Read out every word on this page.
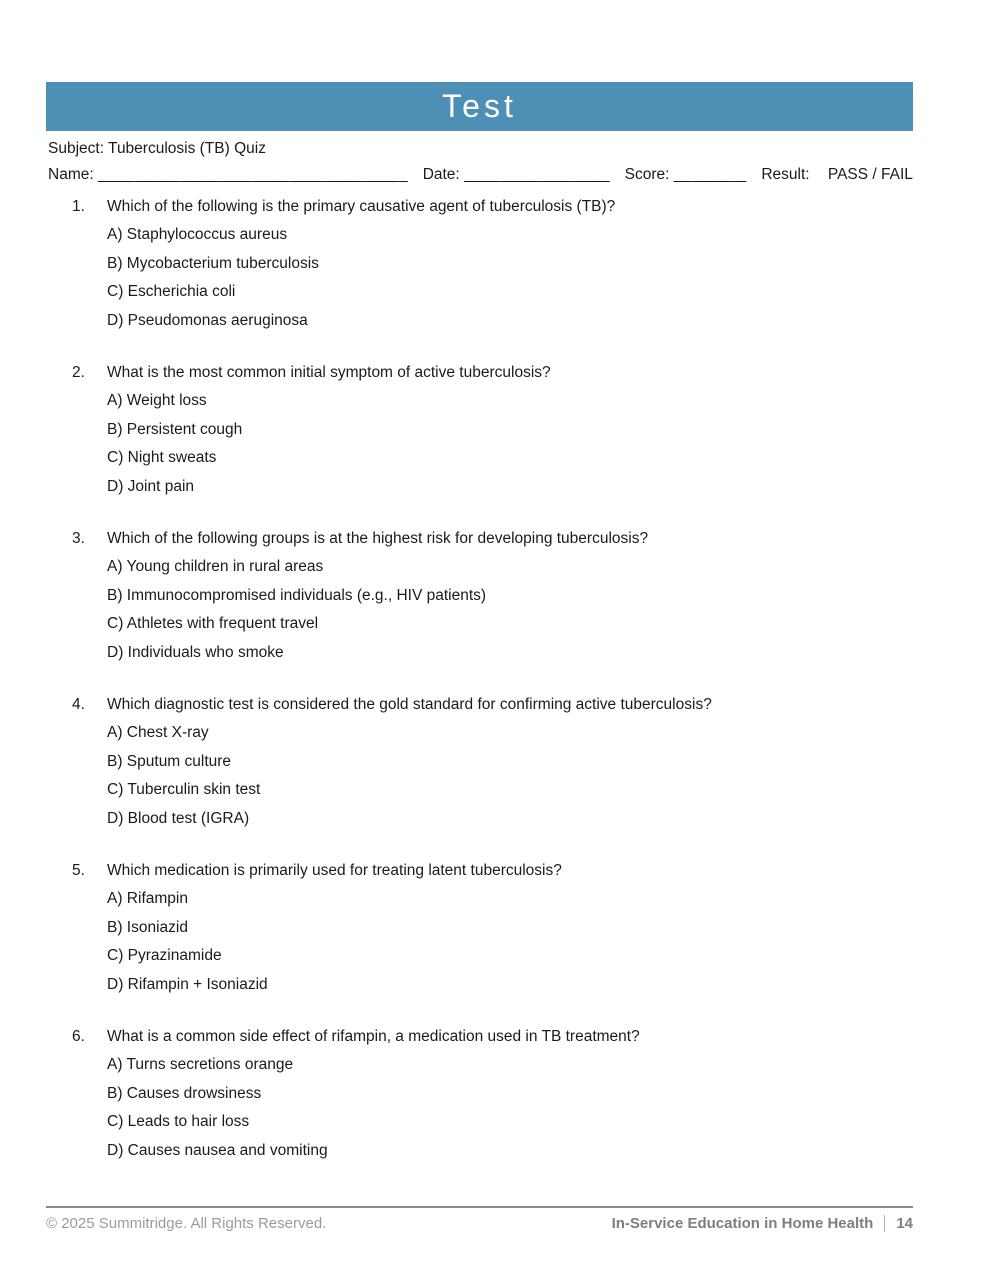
Test
Subject: Tuberculosis (TB) Quiz
Name: __________________________________ Date: ________________ Score: ________ Result: PASS / FAIL
1.	Which of the following is the primary causative agent of tuberculosis (TB)?
A) Staphylococcus aureus
B) Mycobacterium tuberculosis
C) Escherichia coli
D) Pseudomonas aeruginosa
2.	What is the most common initial symptom of active tuberculosis?
A) Weight loss
B) Persistent cough
C) Night sweats
D) Joint pain
3.	Which of the following groups is at the highest risk for developing tuberculosis?
A) Young children in rural areas
B) Immunocompromised individuals (e.g., HIV patients)
C) Athletes with frequent travel
D) Individuals who smoke
4.	Which diagnostic test is considered the gold standard for confirming active tuberculosis?
A) Chest X-ray
B) Sputum culture
C) Tuberculin skin test
D) Blood test (IGRA)
5.	Which medication is primarily used for treating latent tuberculosis?
A) Rifampin
B) Isoniazid
C) Pyrazinamide
D) Rifampin + Isoniazid
6.	What is a common side effect of rifampin, a medication used in TB treatment?
A) Turns secretions orange
B) Causes drowsiness
C) Leads to hair loss
D) Causes nausea and vomiting
© 2025 Summitridge. All Rights Reserved.	In-Service Education in Home Health 14
